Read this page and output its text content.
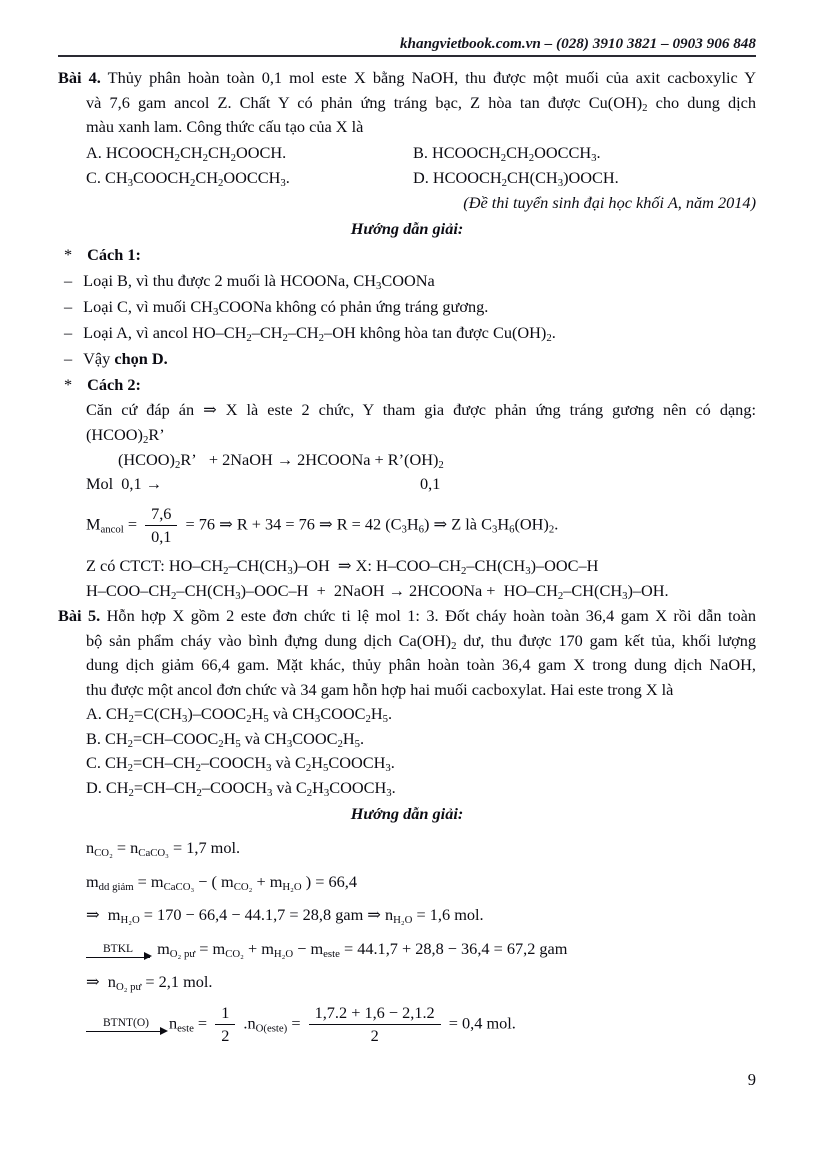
khangvietbook.com.vn – (028) 3910 3821 – 0903 906 848
Bài 4. Thủy phân hoàn toàn 0,1 mol este X bằng NaOH, thu được một muối của axit cacboxylic Y
và 7,6 gam ancol Z. Chất Y có phản ứng tráng bạc, Z hòa tan được $Cu(OH)_2$ cho dung dịch
màu xanh lam. Công thức cấu tạo của X là
A. $HCOOCH_2CH_2CH_2OOCH$.	B. $HCOOCH_2CH_2OOCCH_3$.
C. $CH_3COOCH_2CH_2OOCCH_3$.	D. $HCOOCH_2CH(CH_3)OOCH$.
(Đề thi tuyển sinh đại học khối A, năm 2014)
Hướng dẫn giải:
* Cách 1:
– Loại B, vì thu được 2 muối là HCOONa, $CH_3COONa$
– Loại C, vì muối $CH_3COONa$ không có phản ứng tráng gương.
– Loại A, vì ancol $HO-CH_2-CH_2-CH_2-OH$ không hòa tan được $Cu(OH)_2$.
– Vậy chọn D.
* Cách 2:
Căn cứ đáp án ⇒ X là este 2 chức, Y tham gia được phản ứng tráng gương nên có dạng:
$(HCOO)_2R$’
$(HCOO)_2R$’   + 2NaOH → 2HCOONa + $R’(OH)_2$
Mol  0,1 →	0,1
$M_{ancol} = \frac{7,6}{0,1} = 76$ ⇒ R + 34 = 76 ⇒ R = 42 $(C_3H_6)$ ⇒ Z là $C_3H_6(OH)_2$.
Z có CTCT: $HO-CH_2-CH(CH_3)-OH$  ⇒ X: $H-COO-CH_2-CH(CH_3)-OOC-H$
$H-COO-CH_2-CH(CH_3)-OOC-H$  +  2NaOH → 2HCOONa +  $HO-CH_2-CH(CH_3)-OH$.
Bài 5. Hỗn hợp X gồm 2 este đơn chức ti lệ mol 1: 3. Đốt cháy hoàn toàn 36,4 gam X rồi dẫn toàn
bộ sản phẩm cháy vào bình đựng dung dịch $Ca(OH)_2$ dư, thu được 170 gam kết tủa, khối lượng
dung dịch giảm 66,4 gam. Mặt khác, thủy phân hoàn toàn 36,4 gam X trong dung dịch NaOH,
thu được một ancol đơn chức và 34 gam hỗn hợp hai muối cacboxylat. Hai este trong X là
A. $CH_2=C(CH_3)-COOC_2H_5$ và $CH_3COOC_2H_5$.
B. $CH_2=CH-COOC_2H_5$ và $CH_3COOC_2H_5$.
C. $CH_2=CH-CH_2-COOCH_3$ và $C_2H_5COOCH_3$.
D. $CH_2=CH-CH_2-COOCH_3$ và $C_2H_3COOCH_3$.
Hướng dẫn giải:
$n_{CO_2} = n_{CaCO_3} = 1,7$ mol.
$m_{dd giảm} = m_{CaCO_3}$ − ( $m_{CO_2} + m_{H_2O}$ ) = 66,4
⇒  $m_{H_2O} = 170 - 66,4 - 44.1,7 = 28,8$ gam ⇒ $n_{H_2O} = 1,6$ mol.
BTKL	$m_{O_2 pư} = m_{CO_2} + m_{H_2O} - m_{este} = 44.1,7 + 28,8 - 36,4 = 67,2$ gam
⇒  $n_{O_2 pư} = 2,1$ mol.
BTNT(O)	$n_{este} = \frac{1}{2} .n_{O(este)} = \frac{1,7.2 + 1,6 - 2,1.2}{2} = 0,4$ mol.
9
